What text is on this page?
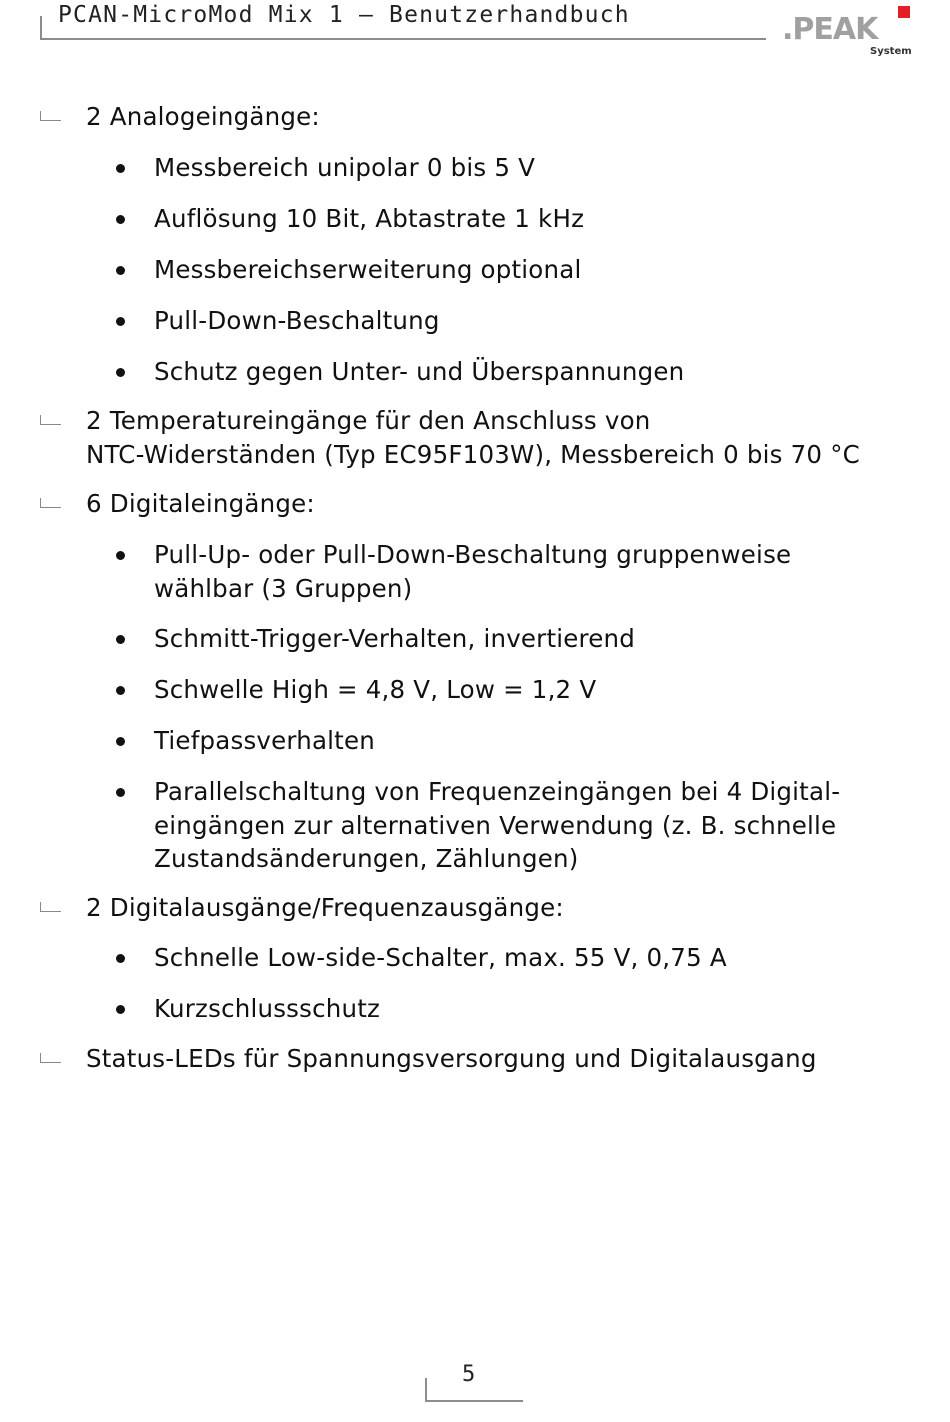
PCAN-MicroMod Mix 1 – Benutzerhandbuch	.PEAK
System
2 Analogeingänge:
Messbereich unipolar 0 bis 5 V
Auflösung 10 Bit, Abtastrate 1 kHz
Messbereichserweiterung optional
Pull-Down-Beschaltung
Schutz gegen Unter- und Überspannungen
2 Temperatureingänge für den Anschluss von
NTC-Widerständen (Typ EC95F103W), Messbereich 0 bis 70 °C
6 Digitaleingänge:
Pull-Up- oder Pull-Down-Beschaltung gruppenweise
wählbar (3 Gruppen)
Schmitt-Trigger-Verhalten, invertierend
Schwelle High = 4,8 V, Low = 1,2 V
Tiefpassverhalten
Parallelschaltung von Frequenzeingängen bei 4 Digital-
eingängen zur alternativen Verwendung (z. B. schnelle
Zustandsänderungen, Zählungen)
2 Digitalausgänge/Frequenzausgänge:
Schnelle Low-side-Schalter, max. 55 V, 0,75 A
Kurzschlussschutz
Status-LEDs für Spannungsversorgung und Digitalausgang
5
